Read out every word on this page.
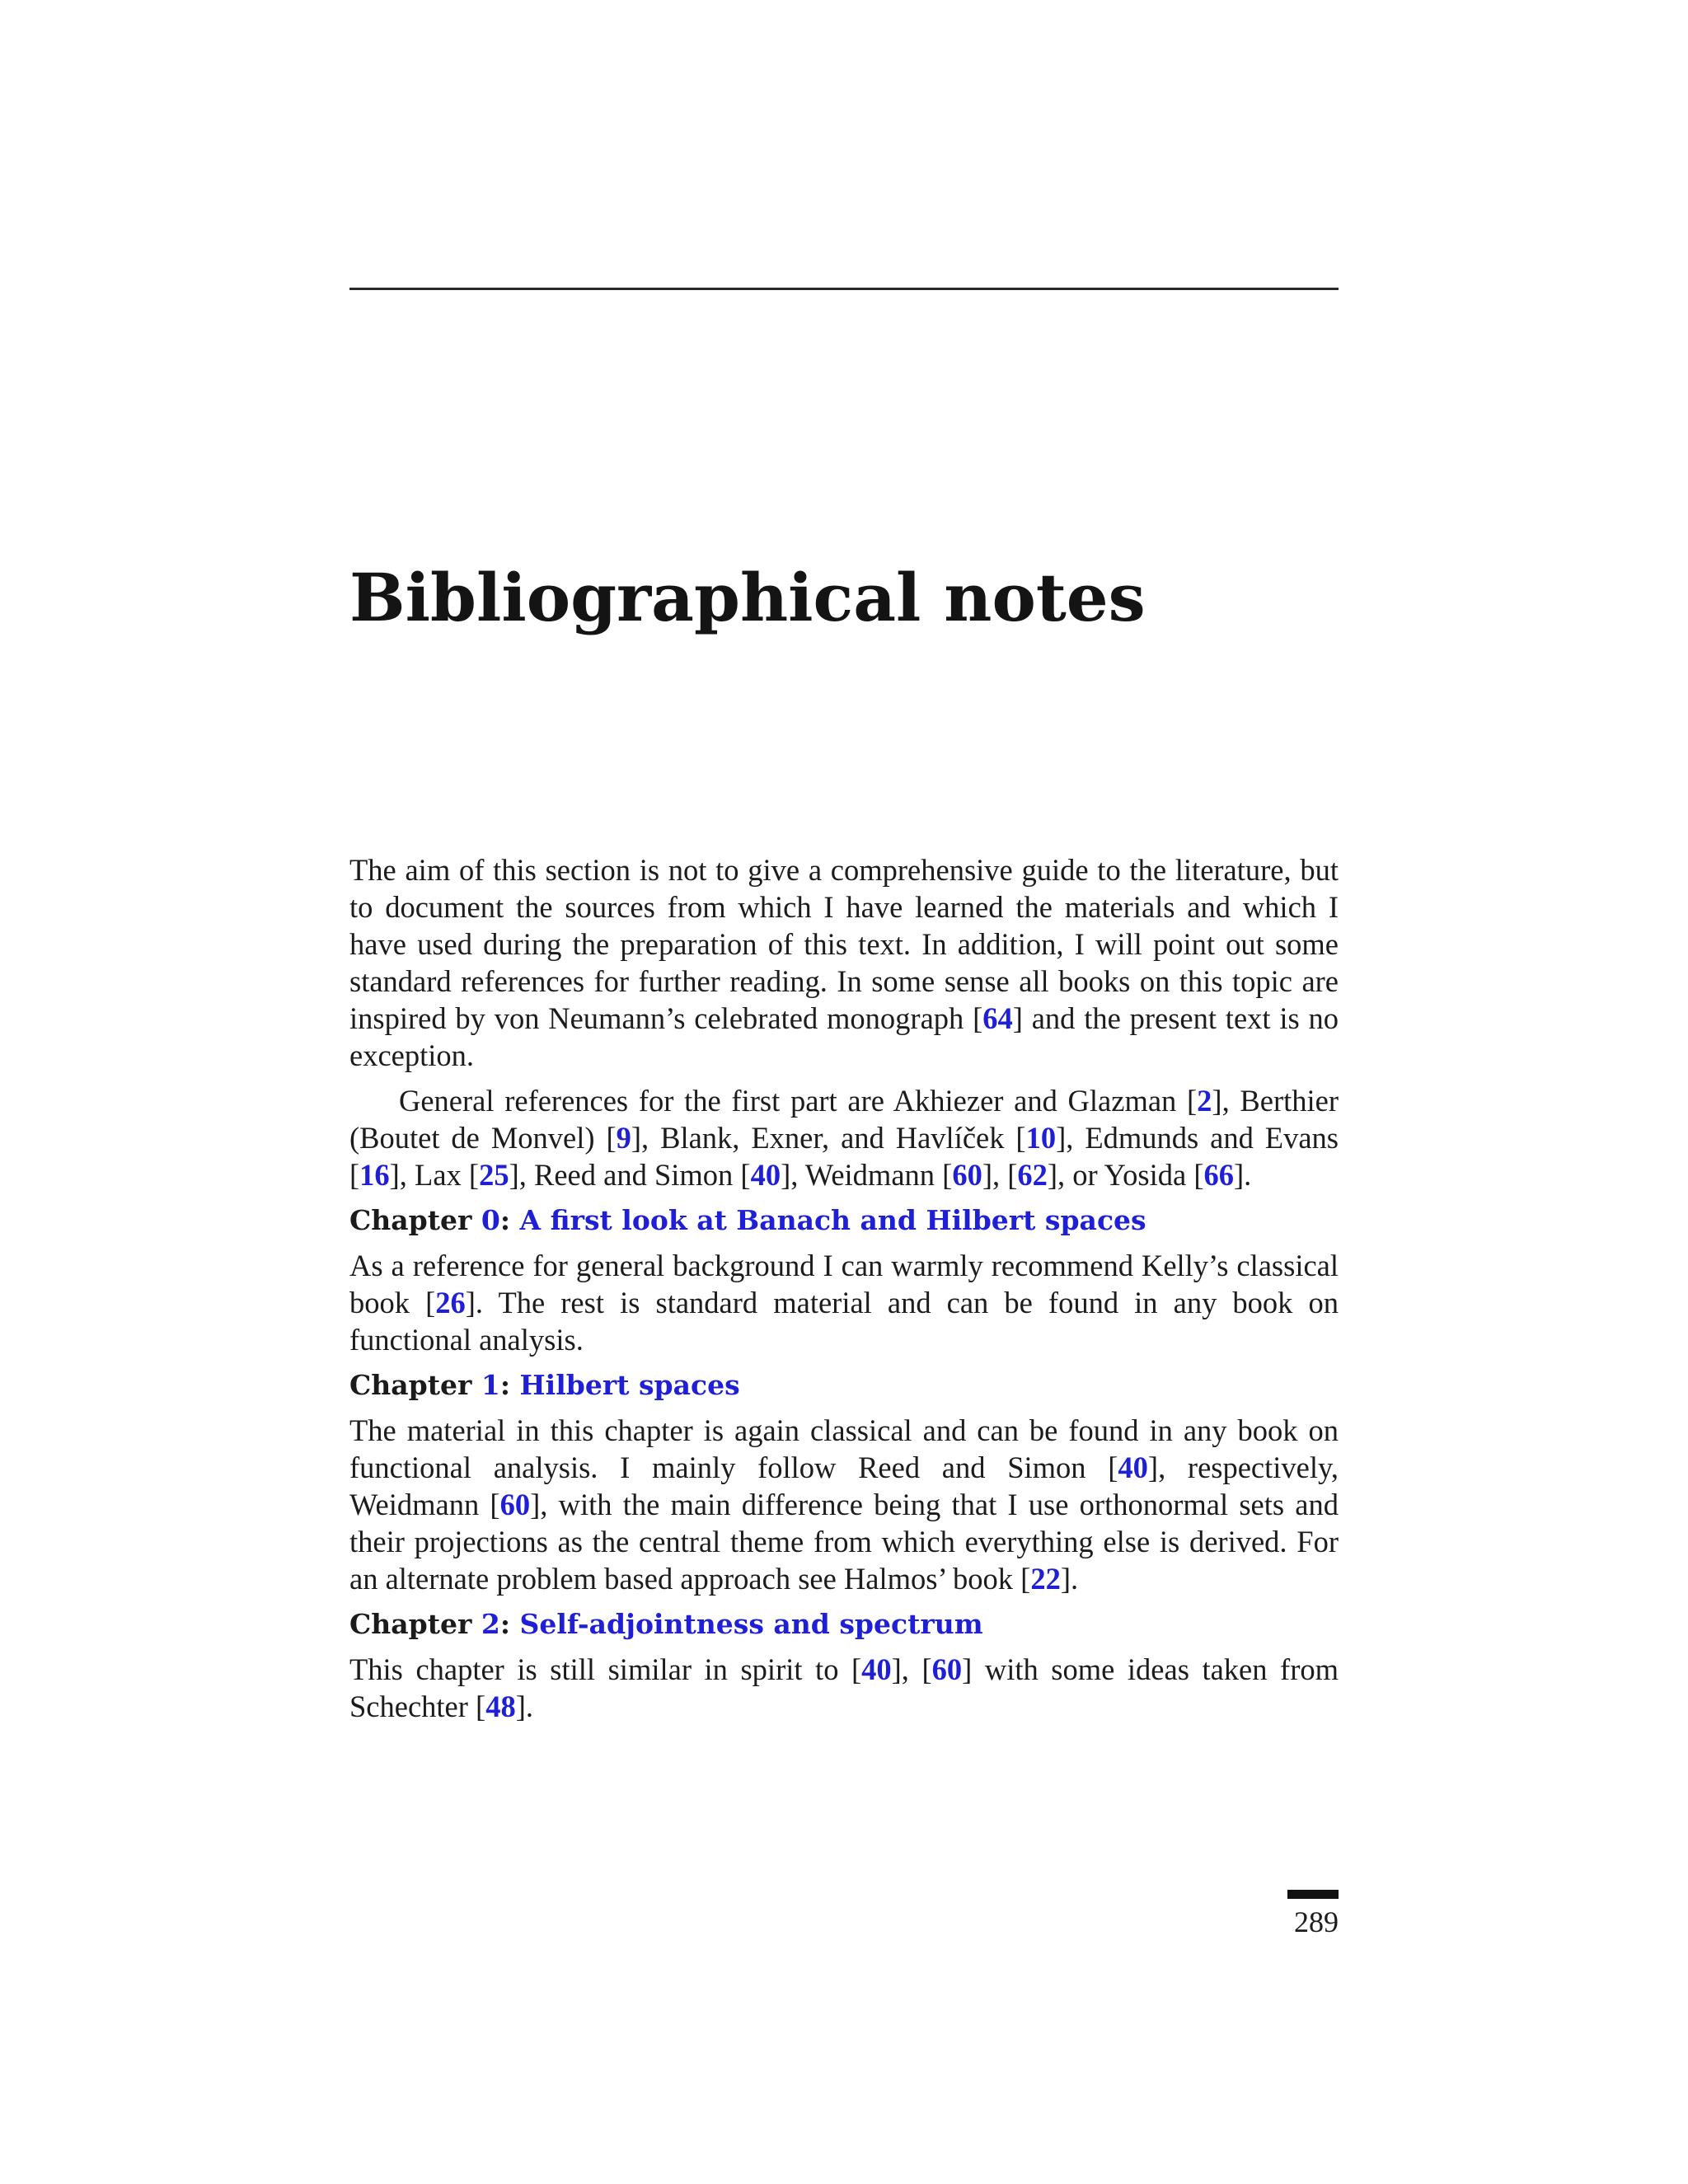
Bibliographical notes

The aim of this section is not to give a comprehensive guide to the literature, but to document the sources from which I have learned the materials and which I have used during the preparation of this text. In addition, I will point out some standard references for further reading. In some sense all books on this topic are inspired by von Neumann’s celebrated monograph [64] and the present text is no exception.

General references for the first part are Akhiezer and Glazman [2], Berthier (Boutet de Monvel) [9], Blank, Exner, and Havlíček [10], Edmunds and Evans [16], Lax [25], Reed and Simon [40], Weidmann [60], [62], or Yosida [66].

Chapter 0: A first look at Banach and Hilbert spaces

As a reference for general background I can warmly recommend Kelly’s classical book [26]. The rest is standard material and can be found in any book on functional analysis.

Chapter 1: Hilbert spaces

The material in this chapter is again classical and can be found in any book on functional analysis. I mainly follow Reed and Simon [40], respectively, Weidmann [60], with the main difference being that I use orthonormal sets and their projections as the central theme from which everything else is derived. For an alternate problem based approach see Halmos’ book [22].

Chapter 2: Self-adjointness and spectrum

This chapter is still similar in spirit to [40], [60] with some ideas taken from Schechter [48].

289
